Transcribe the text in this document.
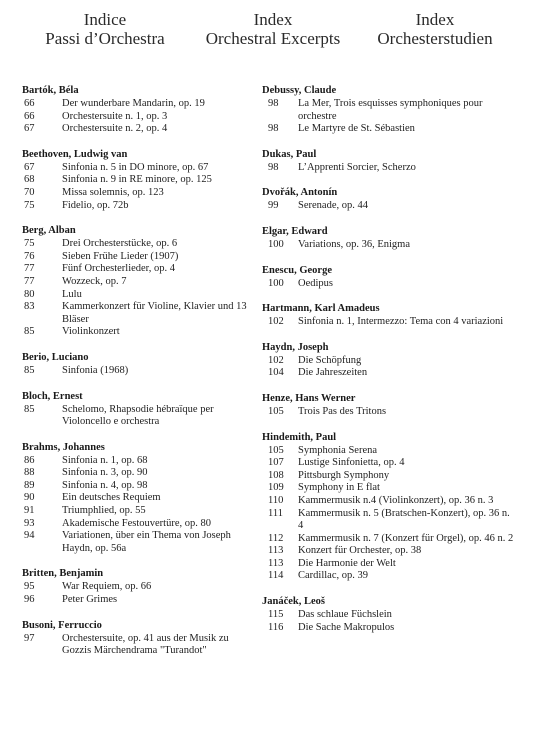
Indice
Passi d’Orchestra
Index
Orchestral Excerpts
Index
Orchesterstudien
Bartók, Béla
66	Der wunderbare Mandarin, op. 19
66	Orchestersuite n. 1, op. 3
67	Orchestersuite n. 2, op. 4
Beethoven, Ludwig van
67	Sinfonia n. 5 in DO minore, op. 67
68	Sinfonia n. 9 in RE minore, op. 125
70	Missa solemnis, op. 123
75	Fidelio, op. 72b
Berg, Alban
75	Drei Orchesterstücke, op. 6
76	Sieben Frühe Lieder (1907)
77	Fünf Orchesterlieder, op. 4
77	Wozzeck, op. 7
80	Lulu
83	Kammerkonzert für Violine, Klavier und 13 Bläser
85	Violinkonzert
Berio, Luciano
85	Sinfonia (1968)
Bloch, Ernest
85	Schelomo, Rhapsodie hébraïque per Violoncello e orchestra
Brahms, Johannes
86	Sinfonia n. 1, op. 68
88	Sinfonia n. 3, op. 90
89	Sinfonia n. 4, op. 98
90	Ein deutsches Requiem
91	Triumphlied, op. 55
93	Akademische Festouvertüre, op. 80
94	Variationen, über ein Thema von Joseph Haydn, op. 56a
Britten, Benjamin
95	War Requiem, op. 66
96	Peter Grimes
Busoni, Ferruccio
97	Orchestersuite, op. 41 aus der Musik zu Gozzis Märchendrama "Turandot"
Debussy, Claude
98	La Mer, Trois esquisses symphoniques pour orchestre
98	Le Martyre de St. Sébastien
Dukas, Paul
98	L’Apprenti Sorcier, Scherzo
Dvořák, Antonín
99	Serenade, op. 44
Elgar, Edward
100	Variations, op. 36, Enigma
Enescu, George
100	Oedipus
Hartmann, Karl Amadeus
102	Sinfonia n. 1, Intermezzo: Tema con 4 variazioni
Haydn, Joseph
102	Die Schöpfung
104	Die Jahreszeiten
Henze, Hans Werner
105	Trois Pas des Tritons
Hindemith, Paul
105	Symphonia Serena
107	Lustige Sinfonietta, op. 4
108	Pittsburgh Symphony
109	Symphony in E flat
110	Kammermusik n.4 (Violinkonzert), op. 36 n. 3
111	Kammermusik n. 5 (Bratschen-Konzert), op. 36 n. 4
112	Kammermusik n. 7 (Konzert für Orgel), op. 46 n. 2
113	Konzert für Orchester, op. 38
113	Die Harmonie der Welt
114	Cardillac, op. 39
Janáček, Leoš
115	Das schlaue Füchslein
116	Die Sache Makropulos
